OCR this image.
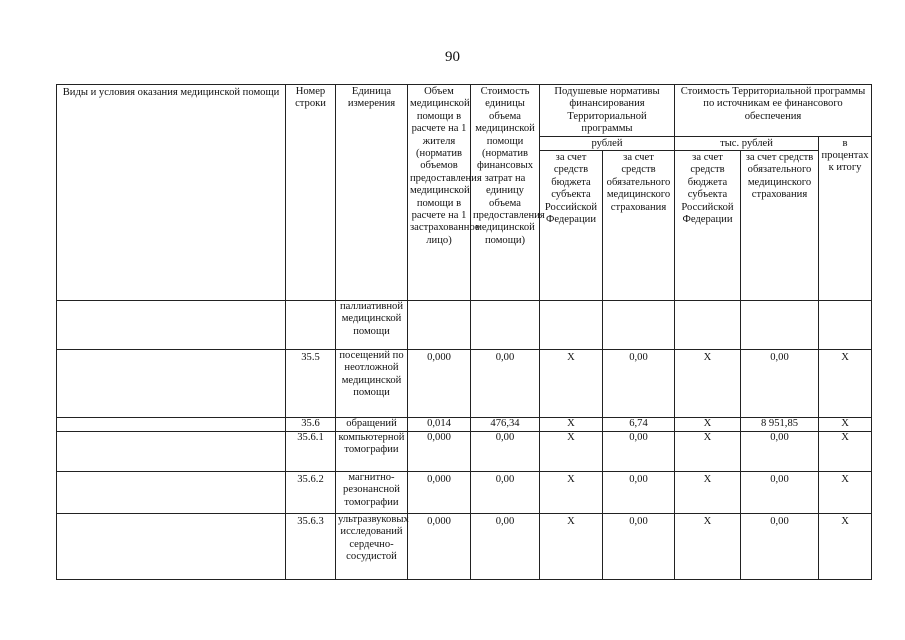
90
Виды и условия оказания медицинской помощи	Номер строки	Единица измерения	Объем медицинской помощи в расчете на 1 жителя (норматив объемов предоставления медицинской помощи в расчете на 1 застрахованное лицо)	Стоимость единицы объема медицинской помощи (норматив финансовых затрат на единицу объема предоставления медицинской помощи)	Подушевые нормативы финансирования Территориальной программы		Стоимость Территориальной программы по источникам ее финансового обеспечения		
					рублей		тыс. рублей		в процентах к итогу
					за счет средств бюджета субъекта Российской Федерации	за счет средств обязательного медицинского страхования	за счет средств бюджета субъекта Российской Федерации	за счет средств обязательного медицинского страхования	
		паллиативной медицинской помощи							
	35.5	посещений по неотложной медицинской помощи	0,000	0,00	X	0,00	X	0,00	X
	35.6	обращений	0,014	476,34	X	6,74	X	8 951,85	X
	35.6.1	компьютерной томографии	0,000	0,00	X	0,00	X	0,00	X
	35.6.2	магнитно-резонансной томографии	0,000	0,00	X	0,00	X	0,00	X
	35.6.3	ультразвуковых исследований сердечно-сосудистой	0,000	0,00	X	0,00	X	0,00	X
